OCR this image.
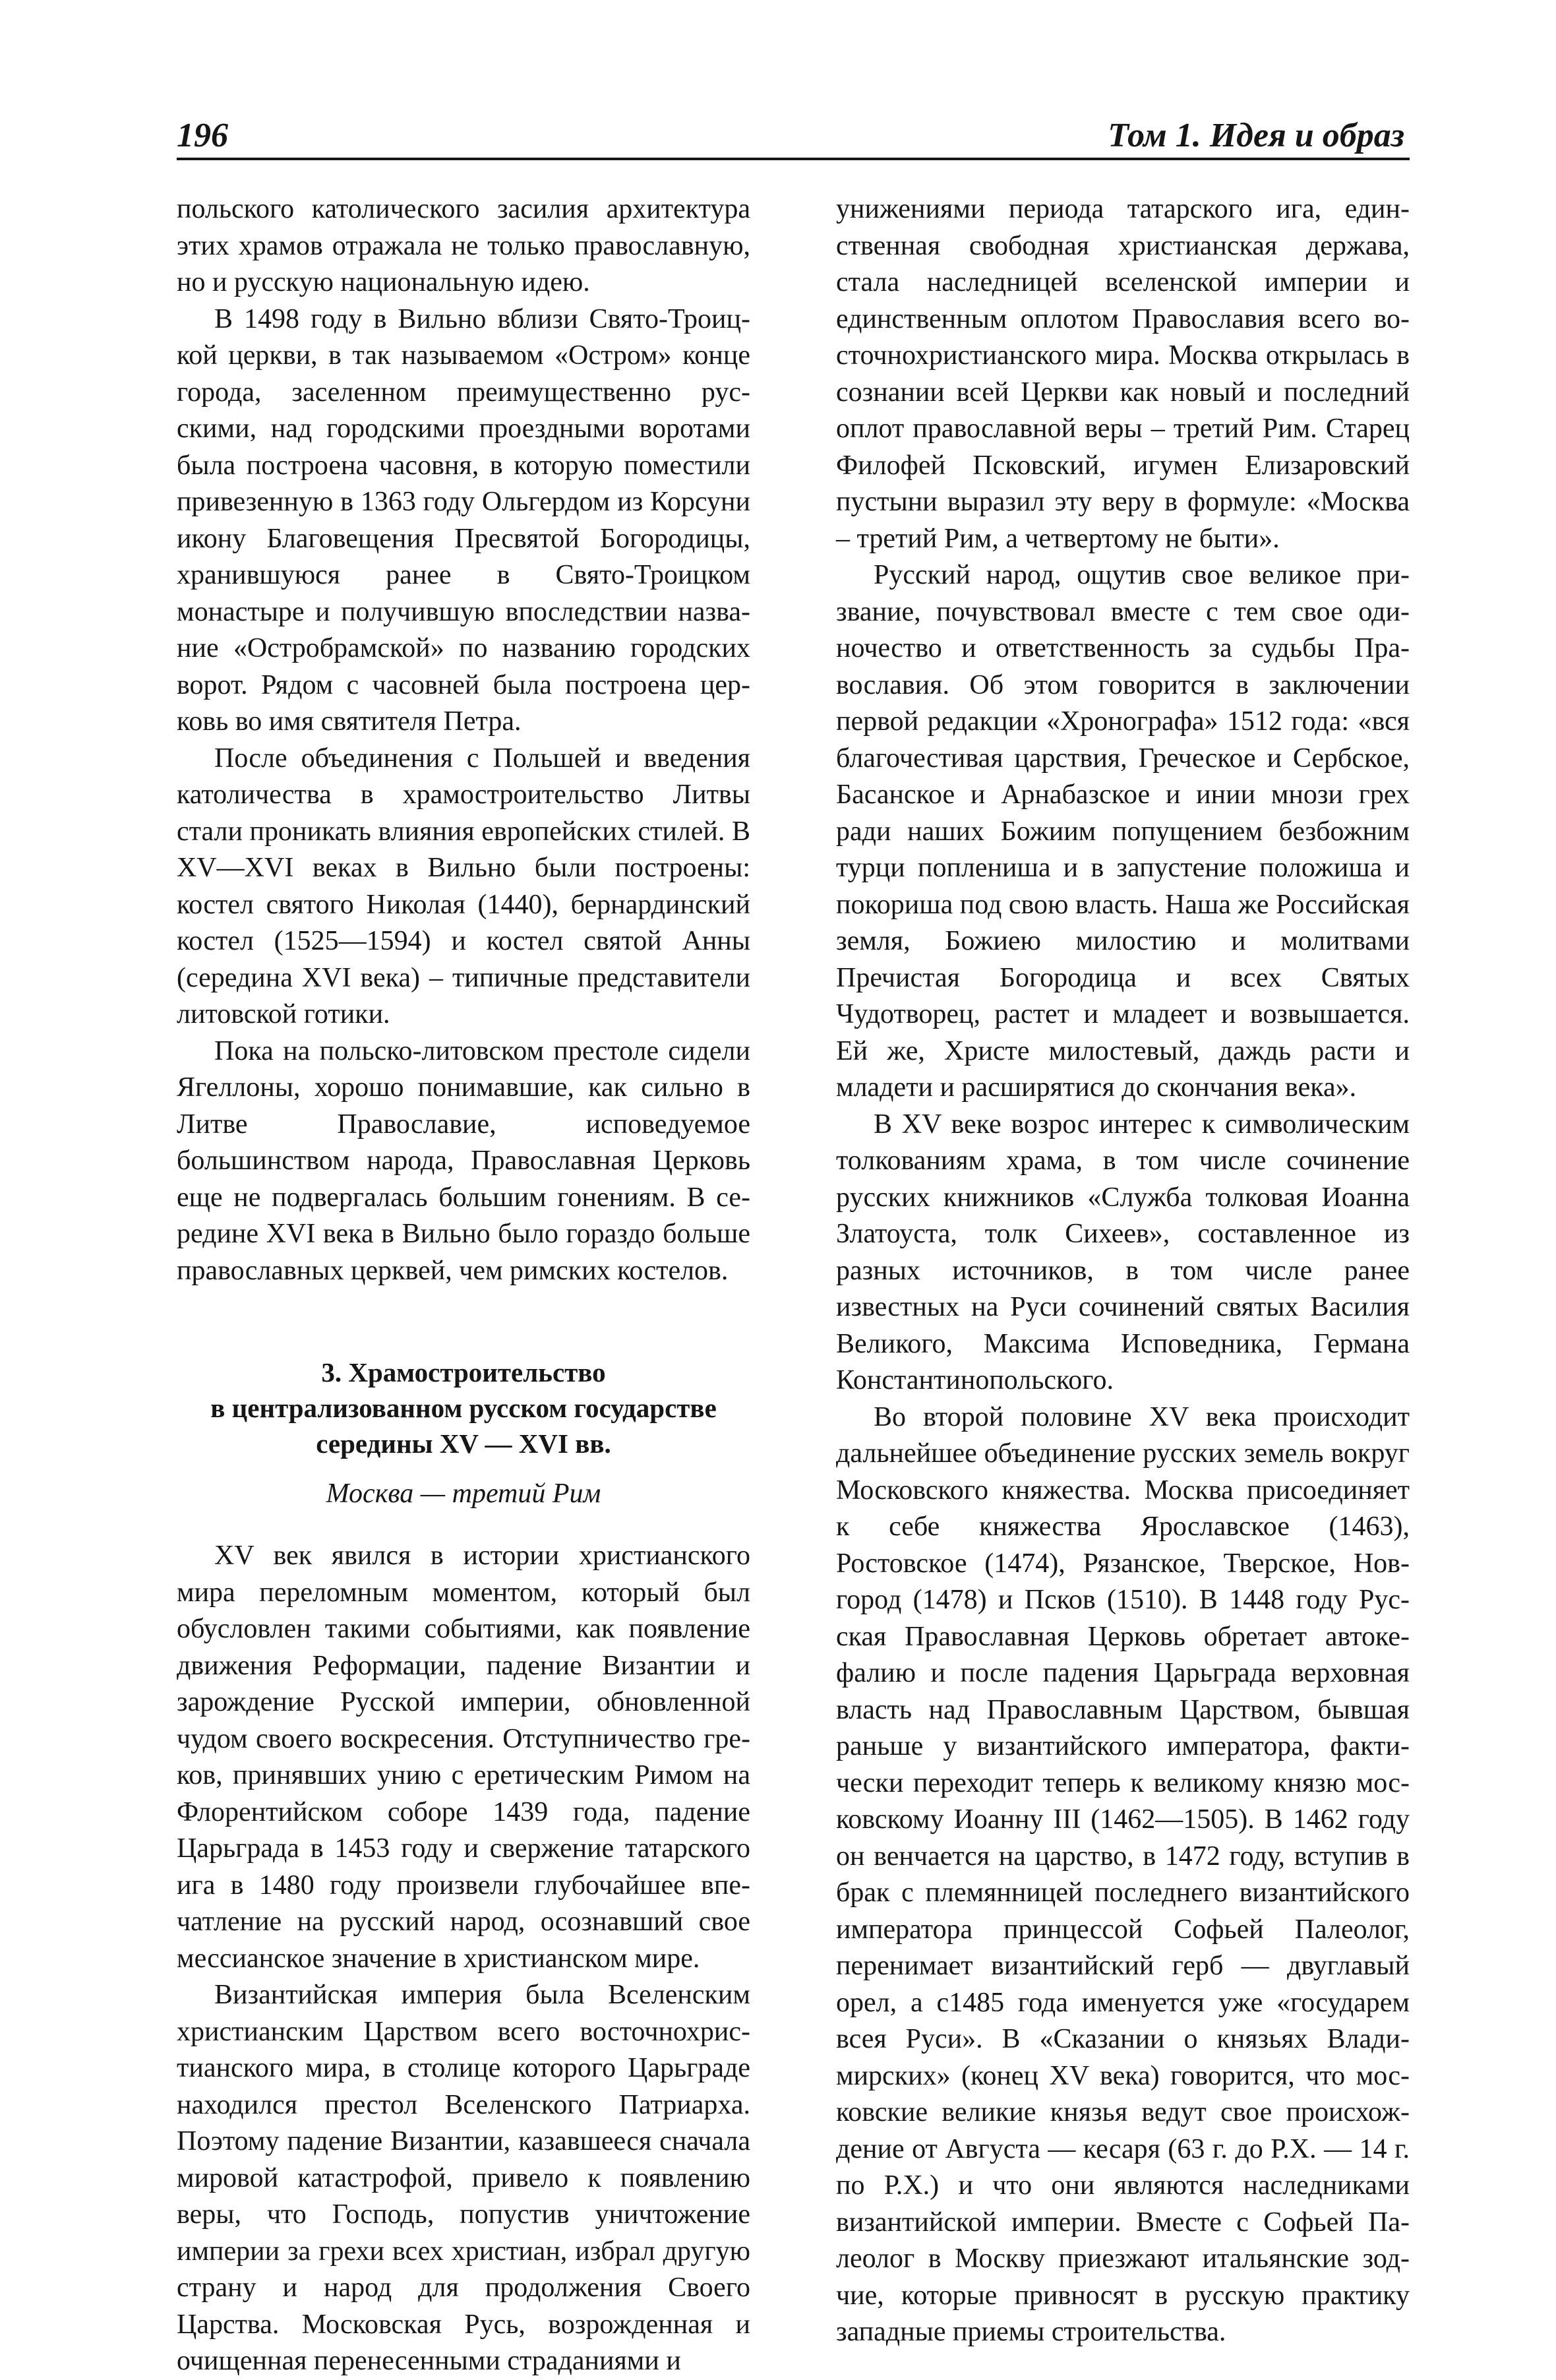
196	Том 1. Идея и образ

польского католического засилия архитектура этих храмов отражала не только православную, но и русскую национальную идею.

В 1498 году в Вильно вблизи Свято-Троицкой церкви, в так называемом «Остром» конце города, заселенном преимущественно русскими, над городскими проездными воротами была построена часовня, в которую поместили привезенную в 1363 году Ольгердом из Корсуни икону Благовещения Пресвятой Богородицы, хранившуюся ранее в Свято-Троицком монастыре и получившую впоследствии название «Остробрамской» по названию городских ворот. Рядом с часовней была построена церковь во имя святителя Петра.

После объединения с Польшей и введения католичества в храмостроительство Литвы стали проникать влияния европейских стилей. В XV—XVI веках в Вильно были построены: костел святого Николая (1440), бернардинский костел (1525—1594) и костел святой Анны (середина XVI века) – типичные представители литовской готики.

Пока на польско-литовском престоле сидели Ягеллоны, хорошо понимавшие, как сильно в Литве Православие, исповедуемое большинством народа, Православная Церковь еще не подвергалась большим гонениям. В середине XVI века в Вильно было гораздо больше православных церквей, чем римских костелов.

3. Храмостроительство
в централизованном русском государстве
середины XV — XVI вв.
Москва — третий Рим

XV век явился в истории христианского мира переломным моментом, который был обусловлен такими событиями, как появление движения Реформации, падение Византии и зарождение Русской империи, обновленной чудом своего воскресения. Отступничество греков, принявших унию с еретическим Римом на Флорентийском соборе 1439 года, падение Царьграда в 1453 году и свержение татарского ига в 1480 году произвели глубочайшее впечатление на русский народ, осознавший свое мессианское значение в христианском мире.

Византийская империя была Вселенским христианским Царством всего восточнохристианского мира, в столице которого Царьграде находился престол Вселенского Патриарха. Поэтому падение Византии, казавшееся сначала мировой катастрофой, привело к появлению веры, что Господь, попустив уничтожение империи за грехи всех христиан, избрал другую страну и народ для продолжения Своего Царства. Московская Русь, возрожденная и очищенная перенесенными страданиями и

унижениями периода татарского ига, единственная свободная христианская держава, стала наследницей вселенской империи и единственным оплотом Православия всего восточнохристианского мира. Москва открылась в сознании всей Церкви как новый и последний оплот православной веры – третий Рим. Старец Филофей Псковский, игумен Елизаровский пустыни выразил эту веру в формуле: «Москва – третий Рим, а четвертому не быти».

Русский народ, ощутив свое великое призвание, почувствовал вместе с тем свое одиночество и ответственность за судьбы Православия. Об этом говорится в заключении первой редакции «Хронографа» 1512 года: «вся благочестивая царствия, Греческое и Сербское, Басанское и Арнабазское и инии мнози грех ради наших Божиим попущением безбожним турци поплениша и в запустение положиша и покориша под свою власть. Наша же Российская земля, Божиею милостию и молитвами Пречистая Богородица и всех Святых Чудотворец, растет и младеет и возвышается. Ей же, Христе милостевый, даждь расти и младети и расширятися до скончания века».

В XV веке возрос интерес к символическим толкованиям храма, в том числе сочинение русских книжников «Служба толковая Иоанна Златоуста, толк Сихеев», составленное из разных источников, в том числе ранее известных на Руси сочинений святых Василия Великого, Максима Исповедника, Германа Константинопольского.

Во второй половине XV века происходит дальнейшее объединение русских земель вокруг Московского княжества. Москва присоединяет к себе княжества Ярославское (1463), Ростовское (1474), Рязанское, Тверское, Новгород (1478) и Псков (1510). В 1448 году Русская Православная Церковь обретает автокефалию и после падения Царьграда верховная власть над Православным Царством, бывшая раньше у византийского императора, фактически переходит теперь к великому князю московскому Иоанну III (1462—1505). В 1462 году он венчается на царство, в 1472 году, вступив в брак с племянницей последнего византийского императора принцессой Софьей Палеолог, перенимает византийский герб — двуглавый орел, а с1485 года именуется уже «государем всея Руси». В «Сказании о князьях Владимирских» (конец XV века) говорится, что московские великие князья ведут свое происхождение от Августа — кесаря (63 г. до Р.Х. — 14 г. по Р.Х.) и что они являются наследниками византийской империи. Вместе с Софьей Палеолог в Москву приезжают итальянские зодчие, которые привносят в русскую практику западные приемы строительства.
